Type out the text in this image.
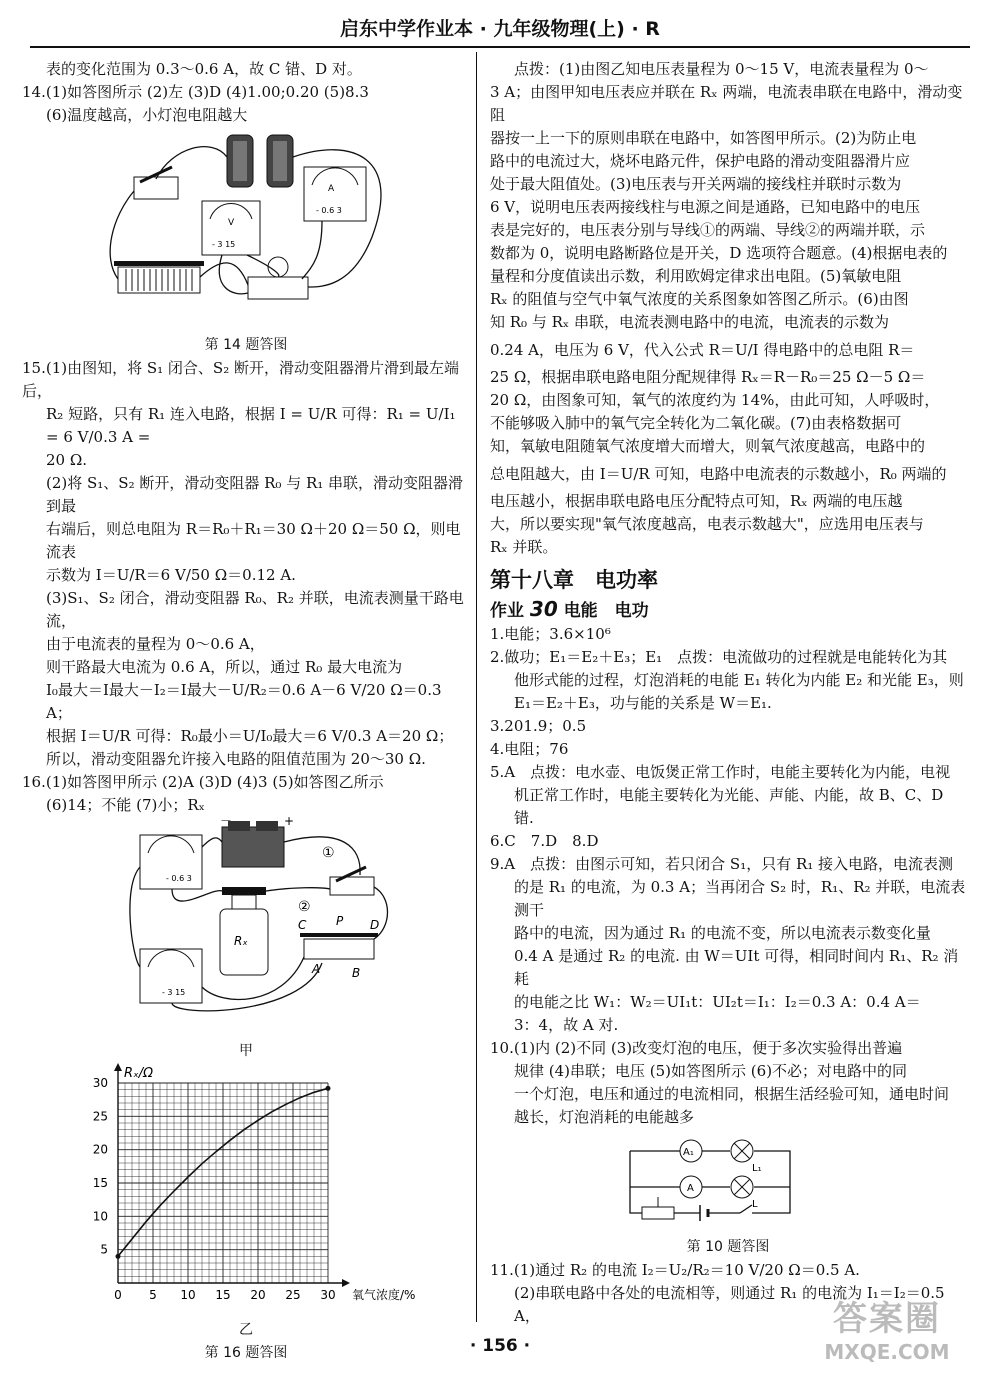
启东中学作业本 · 九年级物理(上) · R

表的变化范围为 0.3～0.6 A，故 C 错、D 对。

14.(1)如答图所示 (2)左 (3)D (4)1.00;0.20 (5)8.3

(6)温度越高，小灯泡电阻越大

V
- 3 15
A
- 0.6 3

第 14 题答图

15.(1)由图知，将 S₁ 闭合、S₂ 断开，滑动变阻器滑片滑到最左端后，

R₂ 短路，只有 R₁ 连入电路，根据 I = U/R 可得：R₁ = U/I₁ = 6 V/0.3 A =

20 Ω.

(2)将 S₁、S₂ 断开，滑动变阻器 R₀ 与 R₁ 串联，滑动变阻器滑到最

右端后，则总电阻为 R＝R₀＋R₁＝30 Ω＋20 Ω＝50 Ω，则电流表

示数为 I＝U/R＝6 V/50 Ω＝0.12 A.

(3)S₁、S₂ 闭合，滑动变阻器 R₀、R₂ 并联，电流表测量干路电流，

由于电流表的量程为 0～0.6 A，

则干路最大电流为 0.6 A，所以，通过 R₀ 最大电流为

I₀最大＝I最大－I₂＝I最大－U/R₂＝0.6 A－6 V/20 Ω＝0.3 A；

根据 I＝U/R 可得：R₀最小＝U/I₀最大＝6 V/0.3 A＝20 Ω；

所以，滑动变阻器允许接入电路的阻值范围为 20～30 Ω.

16.(1)如答图甲所示 (2)A (3)D (4)3 (5)如答图乙所示

(6)14；不能 (7)小；Rₓ

－	+
- 0.6 3
①
②
Rₓ
C P D
A	B
- 3 15

甲

0 5 10 15 20 25 30
5
10
15
20
25
30
Rₓ/Ω
氧气浓度/%

乙

第 16 题答图

点拨：(1)由图乙知电压表量程为 0～15 V，电流表量程为 0～

3 A；由图甲知电压表应并联在 Rₓ 两端，电流表串联在电路中，滑动变阻

器按一上一下的原则串联在电路中，如答图甲所示。(2)为防止电

路中的电流过大，烧坏电路元件，保护电路的滑动变阻器滑片应

处于最大阻值处。(3)电压表与开关两端的接线柱并联时示数为

6 V，说明电压表两接线柱与电源之间是通路，已知电路中的电压

表是完好的，电压表分别与导线①的两端、导线②的两端并联，示

数都为 0，说明电路断路位是开关，D 选项符合题意。(4)根据电表的

量程和分度值读出示数，利用欧姆定律求出电阻。(5)氧敏电阻

Rₓ 的阻值与空气中氧气浓度的关系图象如答图乙所示。(6)由图

知 R₀ 与 Rₓ 串联，电流表测电路中的电流，电流表的示数为

0.24 A，电压为 6 V，代入公式 R＝U/I 得电路中的总电阻 R＝

25 Ω，根据串联电路电阻分配规律得 Rₓ＝R－R₀＝25 Ω－5 Ω＝

20 Ω，由图象可知，氧气的浓度约为 14%，由此可知，人呼吸时，

不能够吸入肺中的氧气完全转化为二氧化碳。(7)由表格数据可

知，氧敏电阻随氧气浓度增大而增大，则氧气浓度越高，电路中的

总电阻越大，由 I＝U/R 可知，电路中电流表的示数越小，R₀ 两端的

电压越小，根据串联电路电压分配特点可知，Rₓ 两端的电压越

大，所以要实现"氧气浓度越高，电表示数越大"，应选用电压表与

Rₓ 并联。

第十八章　电功率
作业 30 电能　电功

1.电能；3.6×10⁶

2.做功；E₁＝E₂＋E₃；E₁　点拨：电流做功的过程就是电能转化为其

他形式能的过程，灯泡消耗的电能 E₁ 转化为内能 E₂ 和光能 E₃，则

E₁＝E₂＋E₃，功与能的关系是 W＝E₁.

3.201.9；0.5

4.电阻；76

5.A　点拨：电水壶、电饭煲正常工作时，电能主要转化为内能，电视

机正常工作时，电能主要转化为光能、声能、内能，故 B、C、D 错.

6.C　7.D　8.D

9.A　点拨：由图示可知，若只闭合 S₁，只有 R₁ 接入电路，电流表测

的是 R₁ 的电流，为 0.3 A；当再闭合 S₂ 时，R₁、R₂ 并联，电流表测干

路中的电流，因为通过 R₁ 的电流不变，所以电流表示数变化量

0.4 A 是通过 R₂ 的电流. 由 W＝UIt 可得，相同时间内 R₁、R₂ 消耗

的电能之比 W₁：W₂＝UI₁t：UI₂t＝I₁：I₂＝0.3 A：0.4 A＝

3：4，故 A 对.

10.(1)内 (2)不同 (3)改变灯泡的电压，便于多次实验得出普遍

规律 (4)串联；电压 (5)如答图所示 (6)不必；对电路中的同

一个灯泡，电压和通过的电流相同，根据生活经验可知，通电时间

越长，灯泡消耗的电能越多

A₁
L₁
A
L

第 10 题答图

11.(1)通过 R₂ 的电流 I₂＝U₂/R₂＝10 V/20 Ω＝0.5 A.

(2)串联电路中各处的电流相等，则通过 R₁ 的电流为 I₁＝I₂＝0.5 A，

· 156 ·
答案圈
MXQE.COM
